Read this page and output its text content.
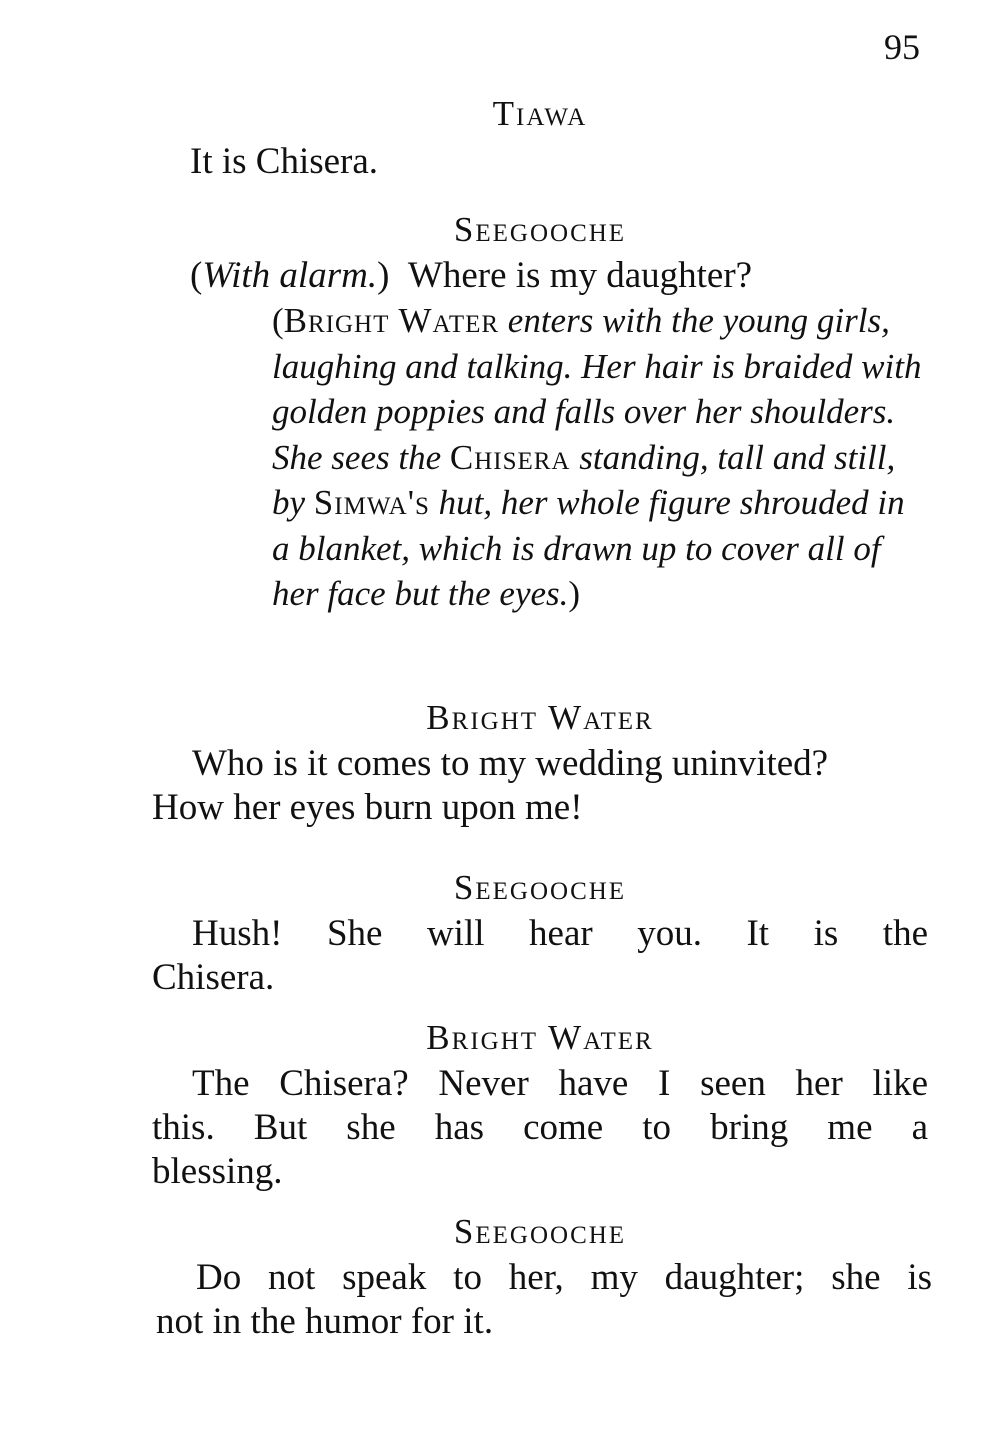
95
Tiawa
It is Chisera.
Seegooche
(With alarm.)  Where is my daughter?
(Bright Water enters with the young girls, laughing and talking. Her hair is braided with golden poppies and falls over her shoulders. She sees the Chisera standing, tall and still, by Simwa's hut, her whole figure shrouded in a blanket, which is drawn up to cover all of her face but the eyes.)
Bright Water
Who is it comes to my wedding uninvited?
How her eyes burn upon me!
Seegooche
Hush! She will hear you. It is the
Chisera.
Bright Water
The Chisera? Never have I seen her like
this. But she has come to bring me a
blessing.
Seegooche
Do not speak to her, my daughter; she is
not in the humor for it.
